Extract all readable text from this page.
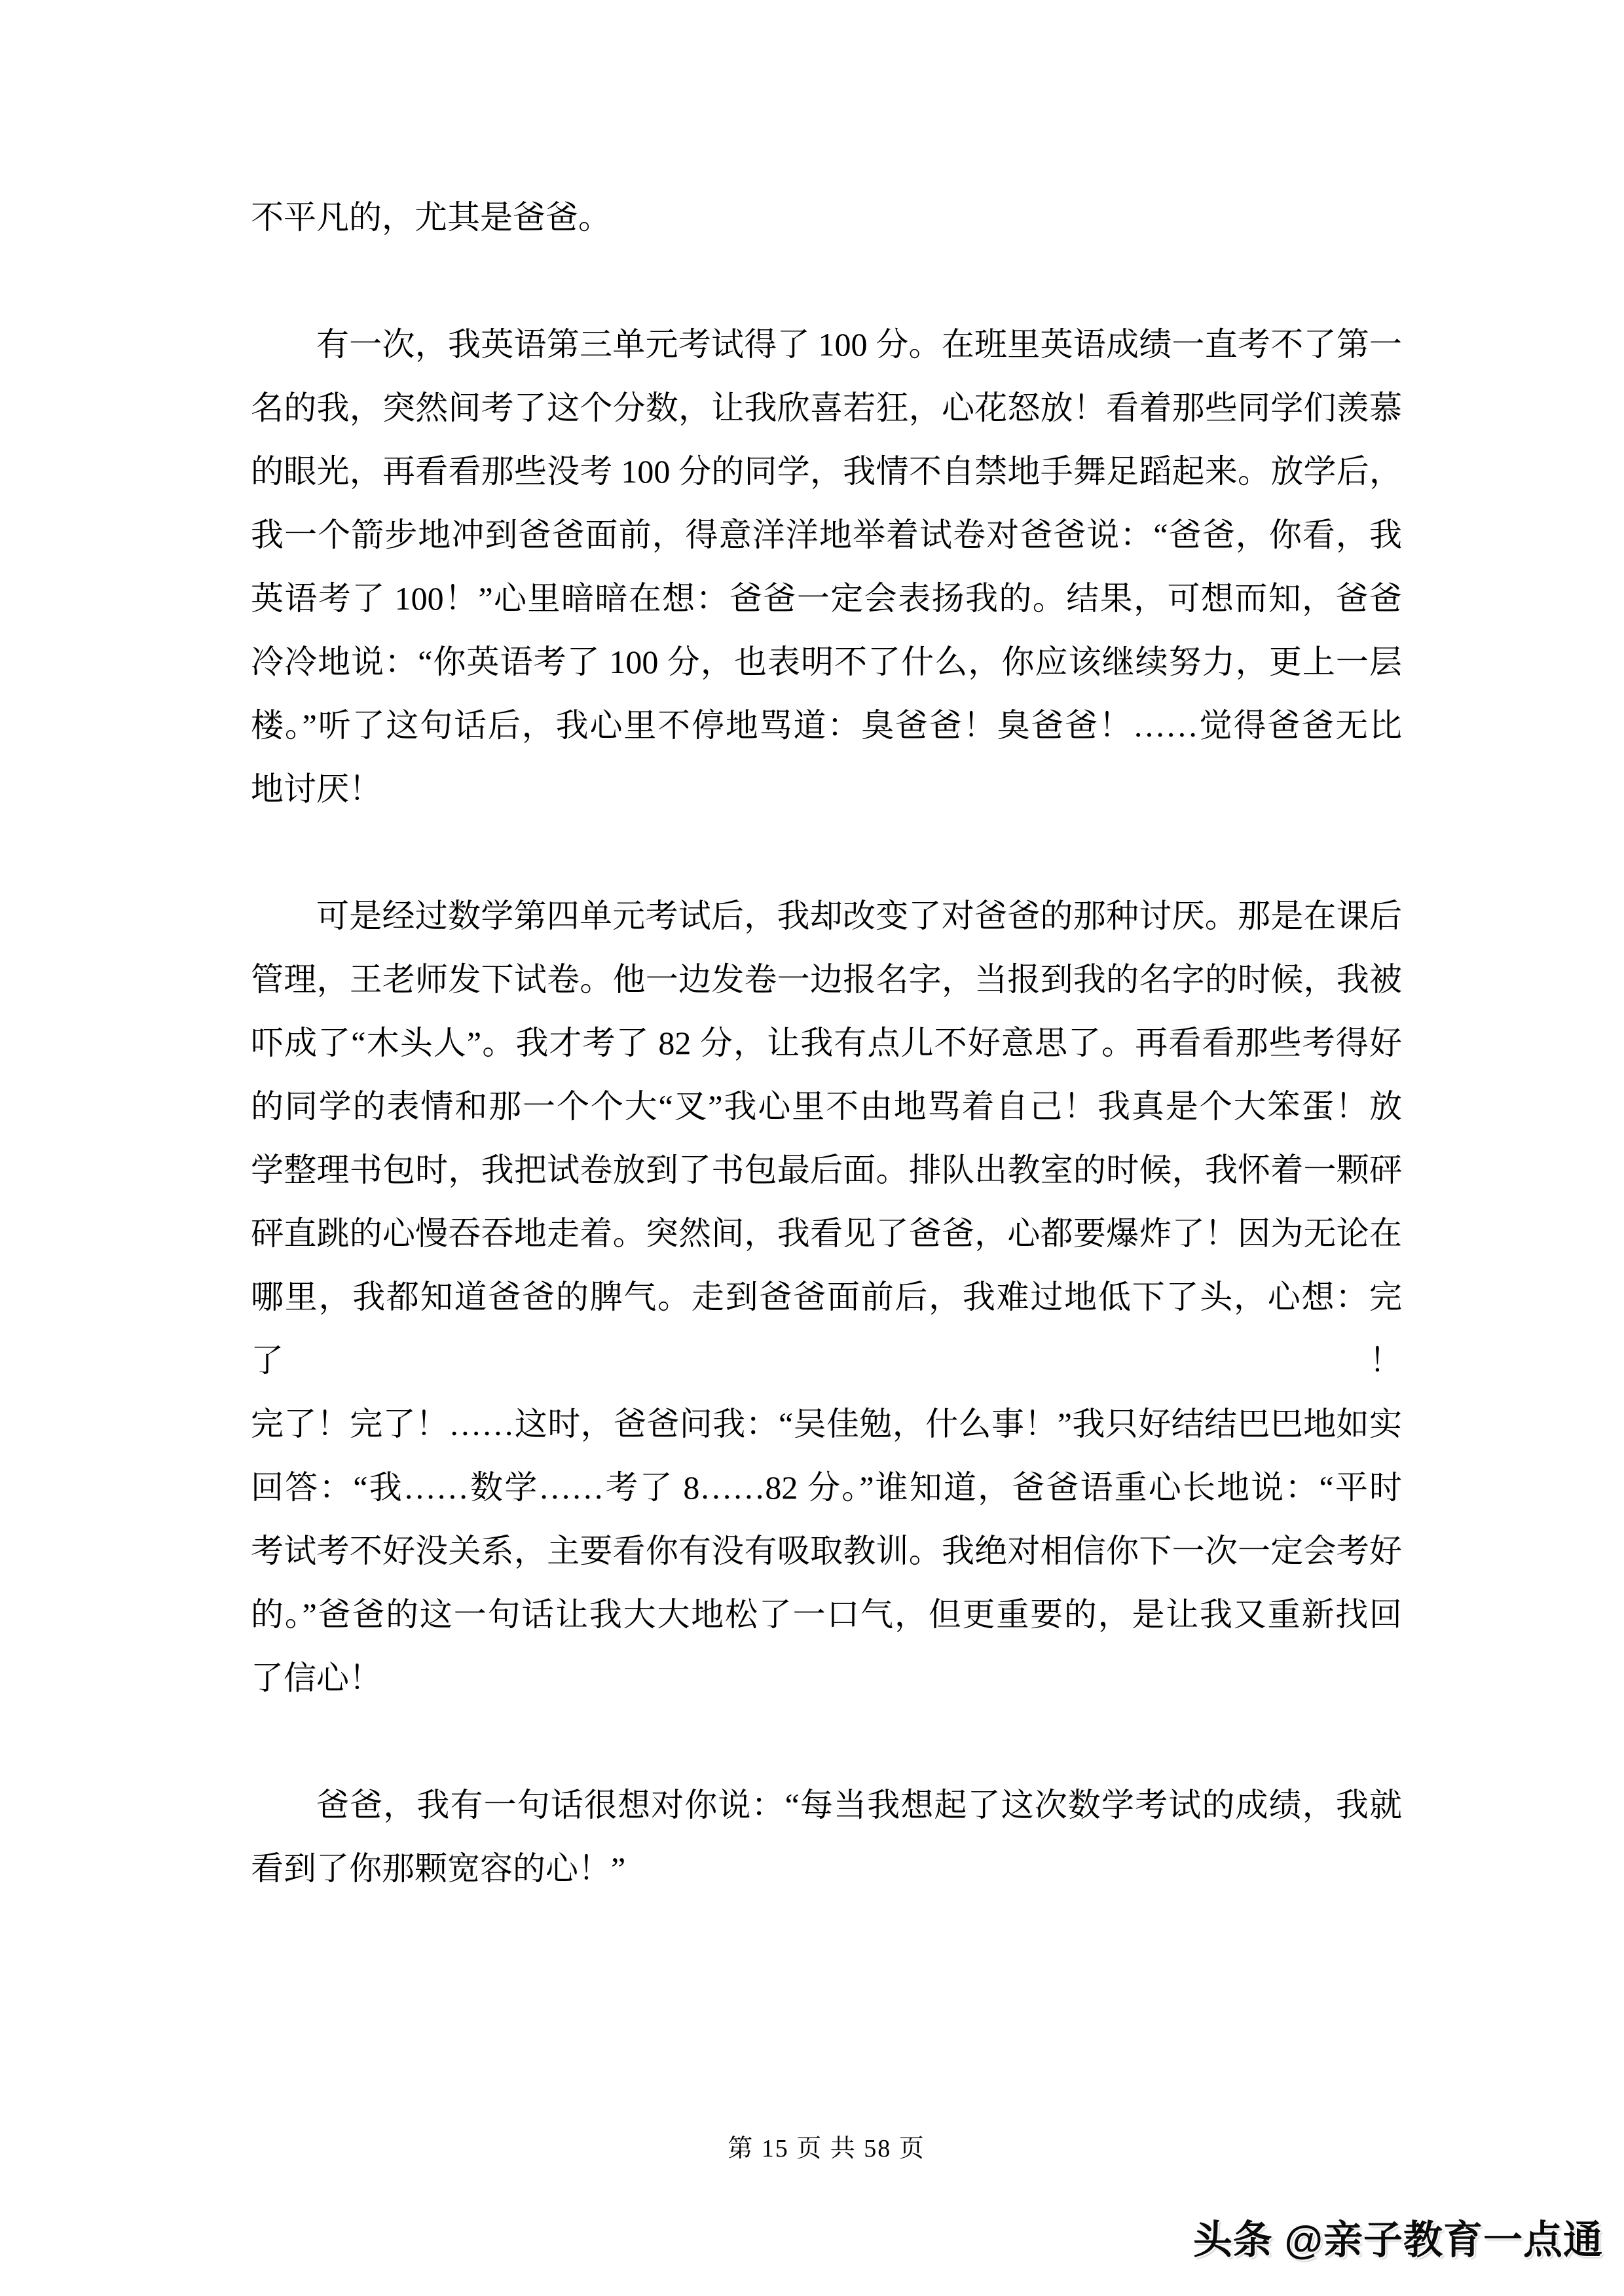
不平凡的，尤其是爸爸。
有一次，我英语第三单元考试得了 100 分。在班里英语成绩一直考不了第一
名的我，突然间考了这个分数，让我欣喜若狂，心花怒放！看着那些同学们羡慕
的眼光，再看看那些没考 100 分的同学，我情不自禁地手舞足蹈起来。放学后，
我一个箭步地冲到爸爸面前，得意洋洋地举着试卷对爸爸说：“爸爸，你看，我
英语考了 100！”心里暗暗在想：爸爸一定会表扬我的。结果，可想而知，爸爸
冷冷地说：“你英语考了 100 分，也表明不了什么，你应该继续努力，更上一层
楼。”听了这句话后，我心里不停地骂道：臭爸爸！臭爸爸！……觉得爸爸无比
地讨厌！
可是经过数学第四单元考试后，我却改变了对爸爸的那种讨厌。那是在课后
管理，王老师发下试卷。他一边发卷一边报名字，当报到我的名字的时候，我被
吓成了“木头人”。我才考了 82 分，让我有点儿不好意思了。再看看那些考得好
的同学的表情和那一个个大“叉”我心里不由地骂着自己！我真是个大笨蛋！放
学整理书包时，我把试卷放到了书包最后面。排队出教室的时候，我怀着一颗砰
砰直跳的心慢吞吞地走着。突然间，我看见了爸爸，心都要爆炸了！因为无论在
哪里，我都知道爸爸的脾气。走到爸爸面前后，我难过地低下了头，心想：完了！
完了！完了！……这时，爸爸问我：“吴佳勉，什么事！”我只好结结巴巴地如实
回答：“我……数学……考了 8……82 分。”谁知道，爸爸语重心长地说：“平时
考试考不好没关系，主要看你有没有吸取教训。我绝对相信你下一次一定会考好
的。”爸爸的这一句话让我大大地松了一口气，但更重要的，是让我又重新找回
了信心！
爸爸，我有一句话很想对你说：“每当我想起了这次数学考试的成绩，我就
看到了你那颗宽容的心！”
第 15 页 共 58 页
头条 @亲子教育一点通
